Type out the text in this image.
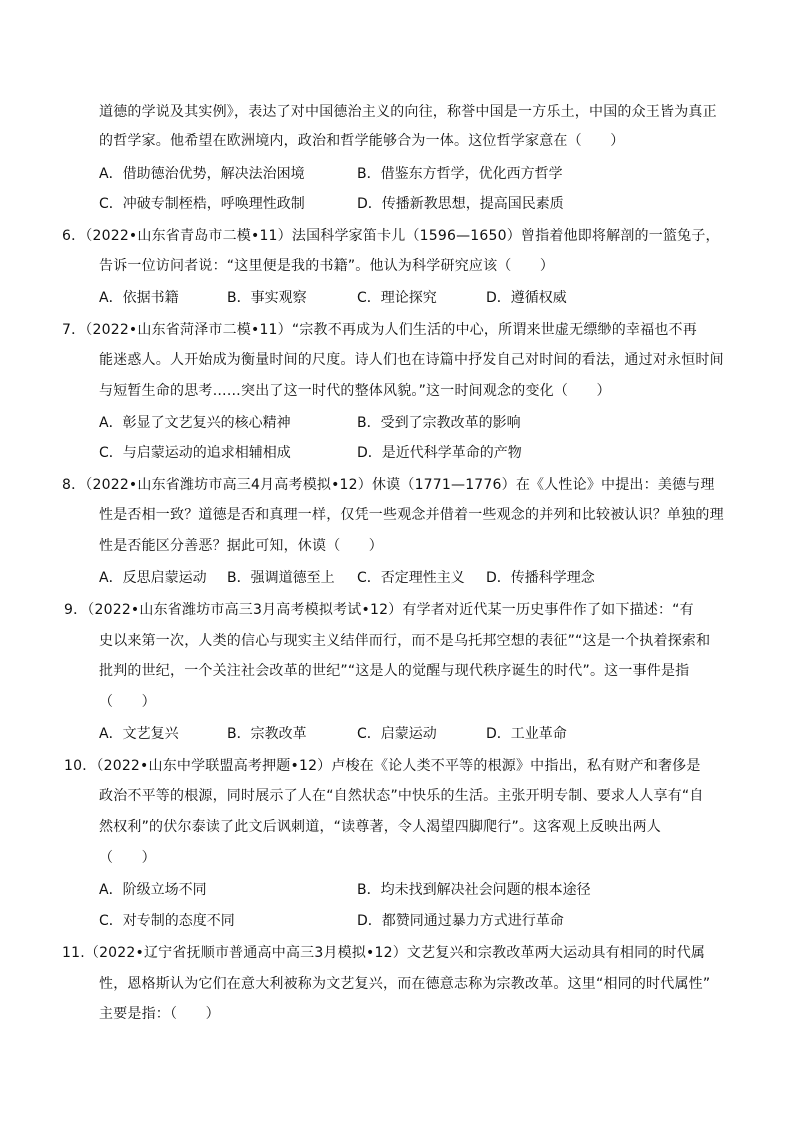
道德的学说及其实例》，表达了对中国德治主义的向往，称誉中国是一方乐土，中国的众王皆为真正
的哲学家。他希望在欧洲境内，政治和哲学能够合为一体。这位哲学家意在（　　）
A．借助德治优势，解决法治困境	B．借鉴东方哲学，优化西方哲学
C．冲破专制桎梏，呼唤理性政制	D．传播新教思想，提高国民素质
6．（2022•山东省青岛市二模•11）法国科学家笛卡儿（1596—1650）曾指着他即将解剖的一篮兔子，
告诉一位访问者说：“这里便是我的书籍”。他认为科学研究应该（　　）
A．依据书籍	B．事实观察	C．理论探究	D．遵循权威
7．（2022•山东省菏泽市二模•11）“宗教不再成为人们生活的中心，所谓来世虚无缥缈的幸福也不再
能迷惑人。人开始成为衡量时间的尺度。诗人们也在诗篇中抒发自己对时间的看法，通过对永恒时间
与短暂生命的思考……突出了这一时代的整体风貌。”这一时间观念的变化（　　）
A．彰显了文艺复兴的核心精神	B．受到了宗教改革的影响
C．与启蒙运动的追求相辅相成	D．是近代科学革命的产物
8．（2022•山东省潍坊市高三4月高考模拟•12）休谟（1771—1776）在《人性论》中提出：美德与理
性是否相一致？道德是否和真理一样，仅凭一些观念并借着一些观念的并列和比较被认识？单独的理
性是否能区分善恶？据此可知，休谟（　　）
A．反思启蒙运动 B．强调道德至上 C．否定理性主义 D．传播科学理念
9．（2022•山东省潍坊市高三3月高考模拟考试•12）有学者对近代某一历史事件作了如下描述：“有
史以来第一次，人类的信心与现实主义结伴而行，而不是乌托邦空想的表征”“这是一个执着探索和
批判的世纪，一个关注社会改革的世纪”“这是人的觉醒与现代秩序诞生的时代”。这一事件是指
（　　）
A．文艺复兴	B．宗教改革	C．启蒙运动	D．工业革命
10．（2022•山东中学联盟高考押题•12）卢梭在《论人类不平等的根源》中指出，私有财产和奢侈是
政治不平等的根源，同时展示了人在“自然状态”中快乐的生活。主张开明专制、要求人人享有“自
然权利”的伏尔泰读了此文后讽刺道，“读尊著，令人渴望四脚爬行”。这客观上反映出两人
（　　）
A．阶级立场不同	B．均未找到解决社会问题的根本途径
C．对专制的态度不同	D．都赞同通过暴力方式进行革命
11.（2022•辽宁省抚顺市普通高中高三3月模拟•12）文艺复兴和宗教改革两大运动具有相同的时代属
性，恩格斯认为它们在意大利被称为文艺复兴，而在德意志称为宗教改革。这里“相同的时代属性”
主要是指：（　　）
